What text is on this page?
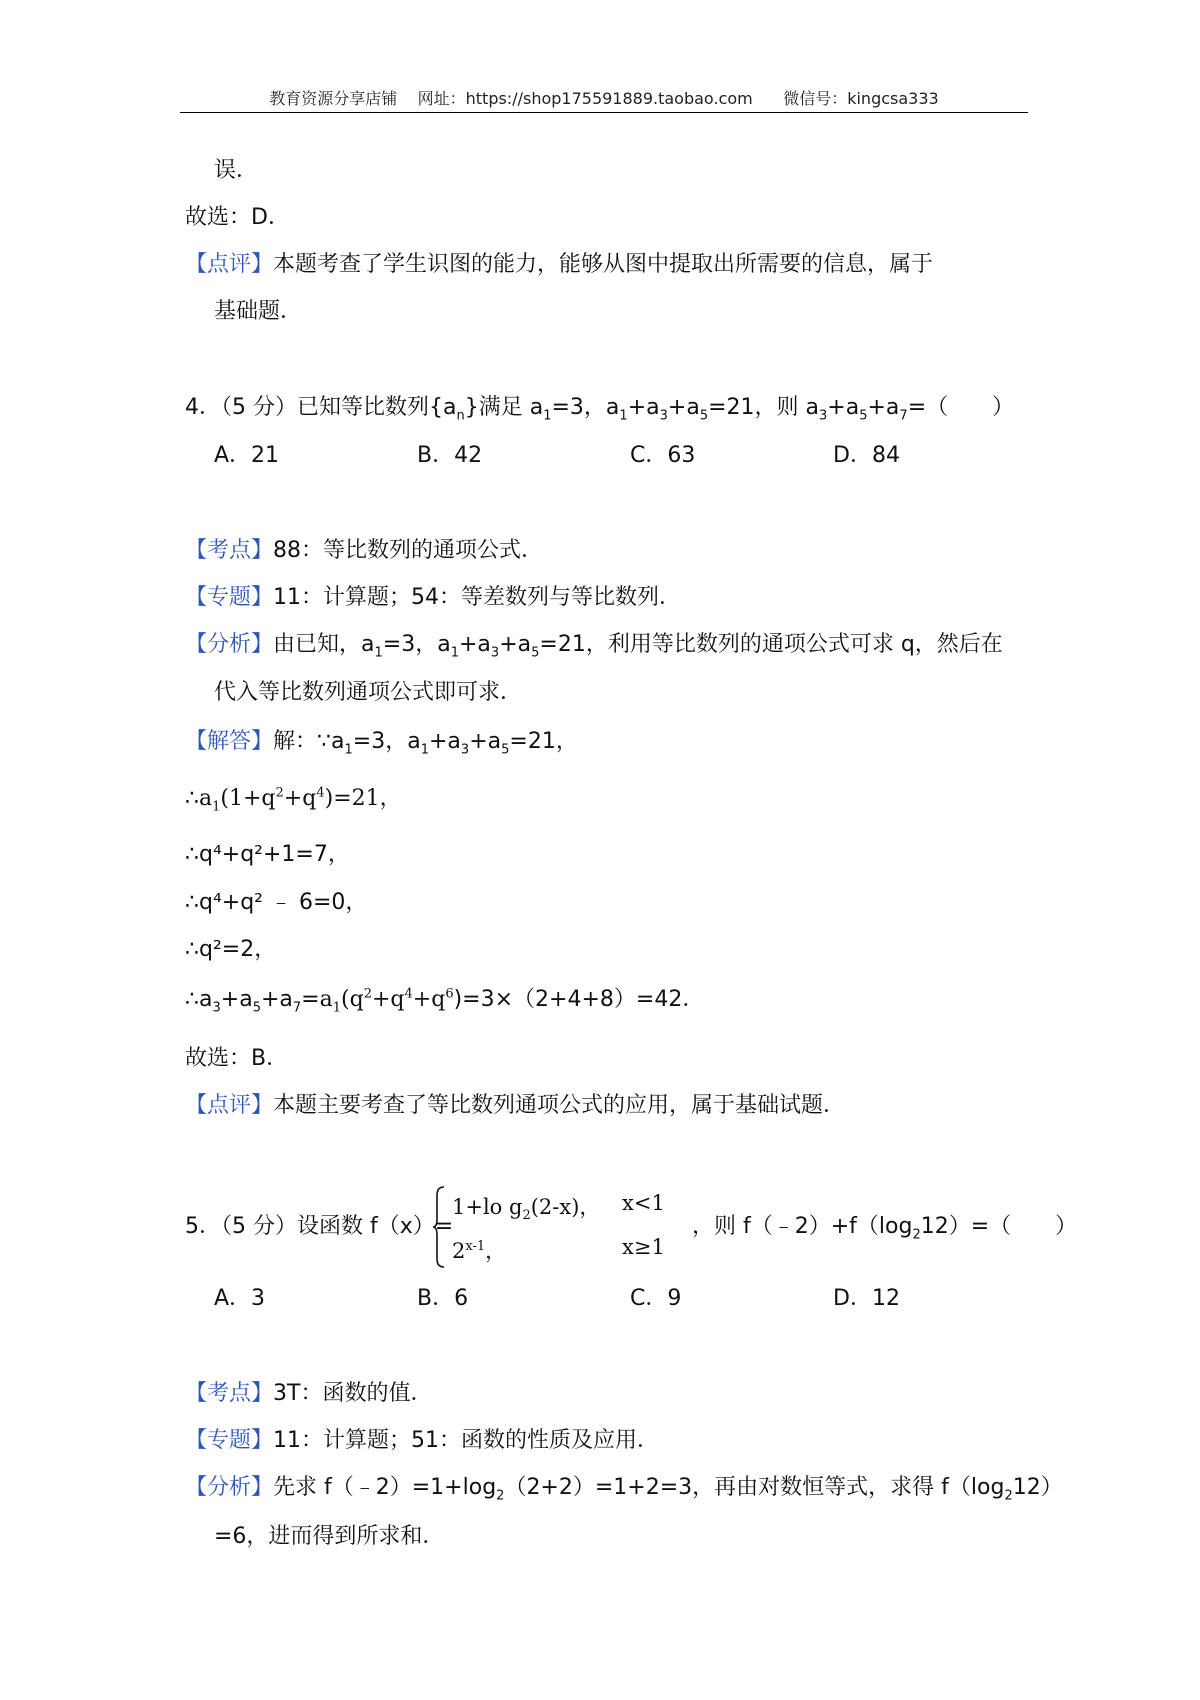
教育资源分享店铺    网址：https://shop175591889.taobao.com      微信号：kingcsa333
误．
故选：D．
【点评】本题考查了学生识图的能力，能够从图中提取出所需要的信息，属于
基础题．
4．（5 分）已知等比数列$\{a_n\}$满足 $a_1=3$，$a_1+a_3+a_5=21$，则 $a_3+a_5+a_7=$（　　）
A．21	B．42	C．63	D．84
【考点】88：等比数列的通项公式．
【专题】11：计算题；54：等差数列与等比数列．
【分析】由已知，$a_1=3$，$a_1+a_3+a_5=21$，利用等比数列的通项公式可求 q，然后在
代入等比数列通项公式即可求．
【解答】解：$\because a_1=3$，$a_1+a_3+a_5=21$，
$\therefore a_1(1+q^2+q^4)=21$，
∴q⁴+q²+1=7，
∴q⁴+q² ﹣ 6=0，
∴q²=2，
$\therefore a_3+a_5+a_7=a_1(q^2+q^4+q^6)=3\times(2+4+8)=42$．
故选：B．
【点评】本题主要考查了等比数列通项公式的应用，属于基础试题．
5．（5 分）设函数 f（x）=
1+lo $g_2(2-x)$， x<1
2$^{x-1}$，	x≥1
，则 $f(﹣2)+f(\log_212)=$（　　）
A．3	B．6	C．9	D．12
【考点】3T：函数的值．
【专题】11：计算题；51：函数的性质及应用．
【分析】先求 $f(﹣2)=1+\log_2(2+2)=1+2=3$，再由对数恒等式，求得 $f(\log_212)$
=6，进而得到所求和．
